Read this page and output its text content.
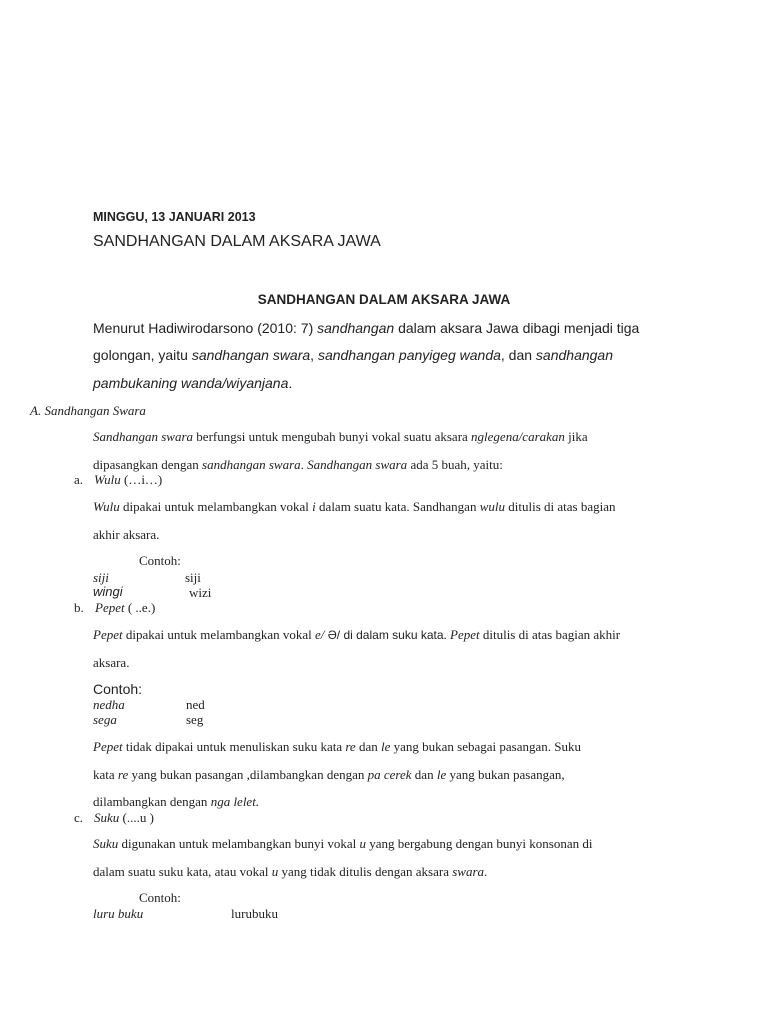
MINGGU, 13 JANUARI 2013
SANDHANGAN DALAM AKSARA JAWA
SANDHANGAN DALAM AKSARA JAWA
Menurut Hadiwirodarsono (2010: 7) sandhangan dalam aksara Jawa dibagi menjadi tiga
golongan, yaitu sandhangan swara, sandhangan panyigeg wanda, dan sandhangan
pambukaning wanda/wiyanjana.
A. Sandhangan Swara
Sandhangan swara berfungsi untuk mengubah bunyi vokal suatu aksara nglegena/carakan jika
dipasangkan dengan sandhangan swara. Sandhangan swara ada 5 buah, yaitu:
a. Wulu (…i…)
Wulu dipakai untuk melambangkan vokal i dalam suatu kata. Sandhangan wulu ditulis di atas bagian
akhir aksara.
Contoh:
siji	siji
wingi	wizi
b. Pepet ( ..e.)
Pepet dipakai untuk melambangkan vokal e/ Ə/ di dalam suku kata. Pepet ditulis di atas bagian akhir
aksara.
Contoh:
nedha	ned
sega	seg
Pepet tidak dipakai untuk menuliskan suku kata re dan le yang bukan sebagai pasangan. Suku
kata re yang bukan pasangan ,dilambangkan dengan pa cerek dan le yang bukan pasangan,
dilambangkan dengan nga lelet.
c. Suku (....u )
Suku digunakan untuk melambangkan bunyi vokal u yang bergabung dengan bunyi konsonan di
dalam suatu suku kata, atau vokal u yang tidak ditulis dengan aksara swara.
Contoh:
luru buku	lurubuku
